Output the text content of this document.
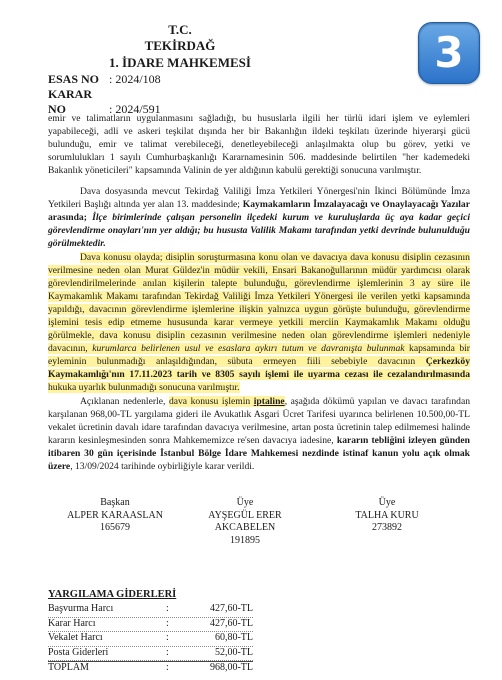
T.C.
TEKİRDAĞ
1. İDARE MAHKEMESİ	3
ESAS NO : 2024/108
KARAR NO	: 2024/591

emir ve talimatların uygulanmasını sağladığı, bu hususlarla ilgili her türlü idari işlem ve eylemleri yapabileceği, adli ve askeri teşkilat dışında her bir Bakanlığın ildeki teşkilatı üzerinde hiyerarşi gücü bulunduğu, emir ve talimat verebileceği, denetleyebileceği anlaşılmakta olup bu görev, yetki ve sorumlulukları 1 sayılı Cumhurbaşkanlığı Kararnamesinin 506. maddesinde belirtilen "her kademedeki Bakanlık yöneticileri" kapsamında Valinin de yer aldığının kabulü gerektiği sonucuna varılmıştır.

Dava dosyasında mevcut Tekirdağ Valiliği İmza Yetkileri Yönergesi'nin İkinci Bölümünde İmza Yetkileri Başlığı altında yer alan 13. maddesinde; Kaymakamların İmzalayacağı ve Onaylayacağı Yazılar arasında; İlçe birimlerinde çalışan personelin ilçedeki kurum ve kuruluşlarda üç aya kadar geçici görevlendirme onayları'nın yer aldığı; bu hususta Valilik Makamı tarafından yetki devrinde bulunulduğu görülmektedir.

Dava konusu olayda; disiplin soruşturmasına konu olan ve davacıya dava konusu disiplin cezasının verilmesine neden olan Murat Güldez'in müdür vekili, Ensari Bakanoğullarının müdür yardımcısı olarak görevlendirilmelerinde anılan kişilerin talepte bulunduğu, görevlendirme işlemlerinin 3 ay süre ile Kaymakamlık Makamı tarafından Tekirdağ Valiliği İmza Yetkileri Yönergesi ile verilen yetki kapsamında yapıldığı, davacının görevlendirme işlemlerine ilişkin yalnızca uygun görüşte bulunduğu, görevlendirme işlemini tesis edip etmeme hususunda karar vermeye yetkili merciin Kaymakamlık Makamı olduğu görülmekle, dava konusu disiplin cezasının verilmesine neden olan görevlendirme işlemleri nedeniyle davacının, kurumlarca belirlenen usul ve esaslara aykırı tutum ve davranışta bulunmak kapsamında bir eyleminin bulunmadığı anlaşıldığından, sübuta ermeyen fiili sebebiyle davacının Çerkezköy Kaymakamlığı'nın 17.11.2023 tarih ve 8305 sayılı işlemi ile uyarma cezası ile cezalandırılmasında hukuka uyarlık bulunmadığı sonucuna varılmıştır.

Açıklanan nedenlerle, dava konusu işlemin iptaline, aşağıda dökümü yapılan ve davacı tarafından karşılanan 968,00-TL yargılama gideri ile Avukatlık Asgari Ücret Tarifesi uyarınca belirlenen 10.500,00-TL vekalet ücretinin davalı idare tarafından davacıya verilmesine, artan posta ücretinin talep edilmemesi halinde kararın kesinleşmesinden sonra Mahkememizce re'sen davacıya iadesine, kararın tebliğini izleyen günden itibaren 30 gün içerisinde İstanbul Bölge İdare Mahkemesi nezdinde istinaf kanun yolu açık olmak üzere, 13/09/2024 tarihinde oybirliğiyle karar verildi.

Başkan
ALPER KARAASLAN
165679
Üye
AYŞEGÜL ERER
AKCABELEN
191895
Üye
TALHA KURU
273892
YARGILAMA GİDERLERİ
Başvurma Harcı	:	427,60-TL
Karar Harcı	:	427,60-TL
Vekalet Harcı	:	60,80-TL
Posta Giderleri	:	52,00-TL
TOPLAM	:	968,00-TL
